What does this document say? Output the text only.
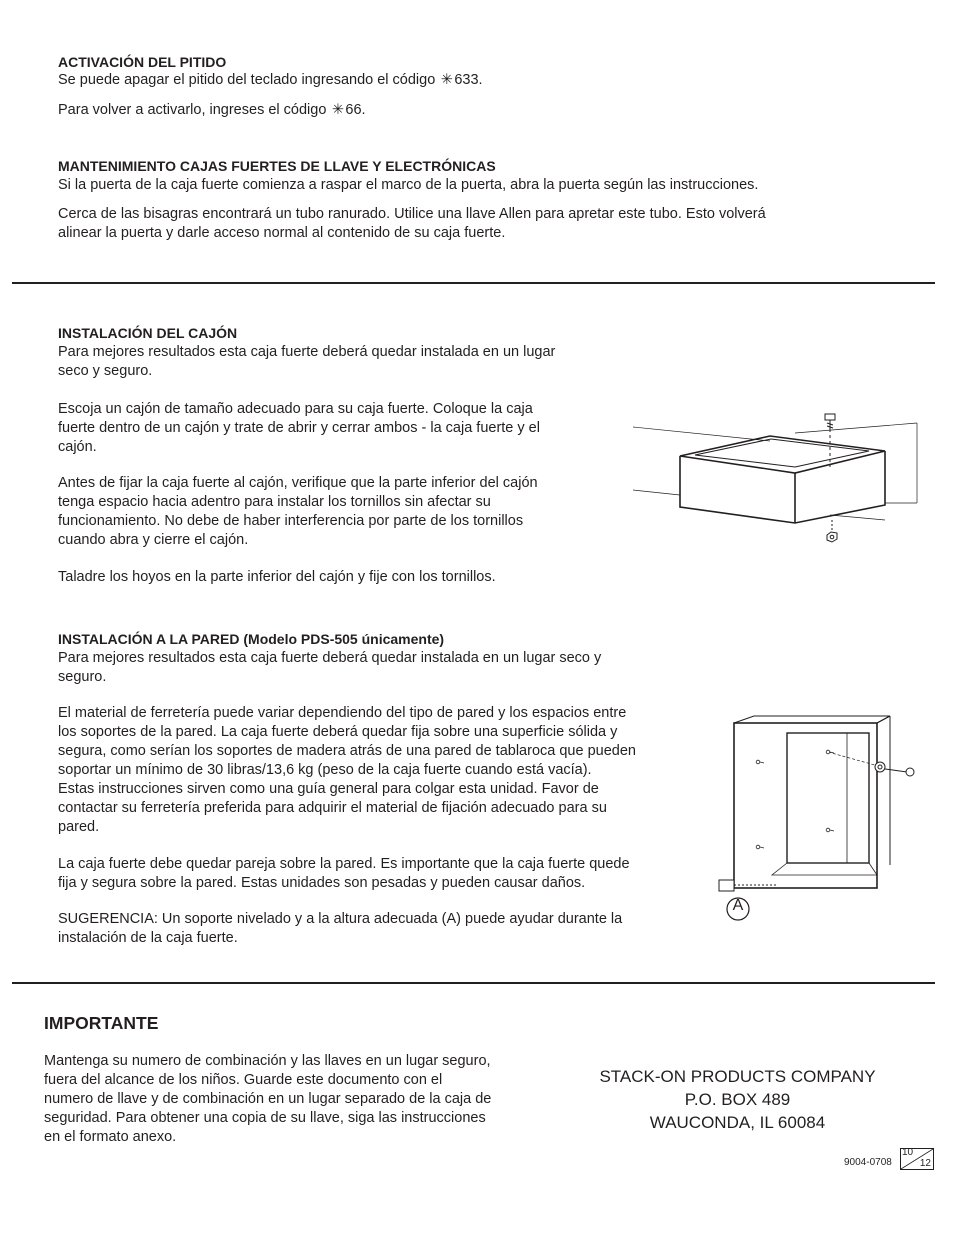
ACTIVACIÓN DEL PITIDO

Se puede apagar el pitido del teclado ingresando el código ✳633.

Para volver a activarlo, ingreses el código ✳66.

MANTENIMIENTO CAJAS FUERTES DE LLAVE Y ELECTRÓNICAS

Si la puerta de la caja fuerte comienza a raspar el marco de la puerta, abra la puerta según las instrucciones.

Cerca de las bisagras encontrará un tubo ranurado. Utilice una llave Allen para apretar este tubo. Esto volverá

alinear la puerta y darle acceso normal al contenido de su caja fuerte.

INSTALACIÓN DEL CAJÓN

Para mejores resultados esta caja fuerte deberá quedar instalada en un lugar

seco y seguro.

Escoja un cajón de tamaño adecuado para su caja fuerte. Coloque la caja

fuerte dentro de un cajón y trate de abrir y cerrar ambos - la caja fuerte y el

cajón.

Antes de fijar la caja fuerte al cajón, verifique que la parte inferior del cajón

tenga espacio hacia adentro para instalar los tornillos sin afectar su

funcionamiento. No debe de haber interferencia por parte de los tornillos

cuando abra y cierre el cajón.

Taladre los hoyos en la parte inferior del cajón y fije con los tornillos.

INSTALACIÓN A LA PARED (Modelo PDS-505 únicamente)

Para mejores resultados esta caja fuerte deberá quedar instalada en un lugar seco y

seguro.

El material de ferretería puede variar dependiendo del tipo de pared y los espacios entre

los soportes de la pared. La caja fuerte deberá quedar fija sobre una superficie sólida y

segura, como serían los soportes de madera atrás de una pared de tablaroca que pueden

soportar un mínimo de 30 libras/13,6 kg (peso de la caja fuerte cuando está vacía).

Estas instrucciones sirven como una guía general para colgar esta unidad. Favor de

contactar su ferretería preferida para adquirir el material de fijación adecuado para su

pared.

La caja fuerte debe quedar pareja sobre la pared. Es importante que la caja fuerte quede

fija y segura sobre la pared. Estas unidades son pesadas y pueden causar daños.

SUGERENCIA: Un soporte nivelado y a la altura adecuada (A) puede ayudar durante la

instalación de la caja fuerte.

A
IMPORTANTE

Mantenga su numero de combinación y las llaves en un lugar seguro,

fuera del alcance de los niños. Guarde este documento con el

numero de llave y de combinación en un lugar separado de la caja de

seguridad. Para obtener una copia de su llave, siga las instrucciones

en el formato anexo.

STACK-ON PRODUCTS COMPANY
P.O. BOX 489
WAUCONDA, IL 60084
9004-0708
10
12
